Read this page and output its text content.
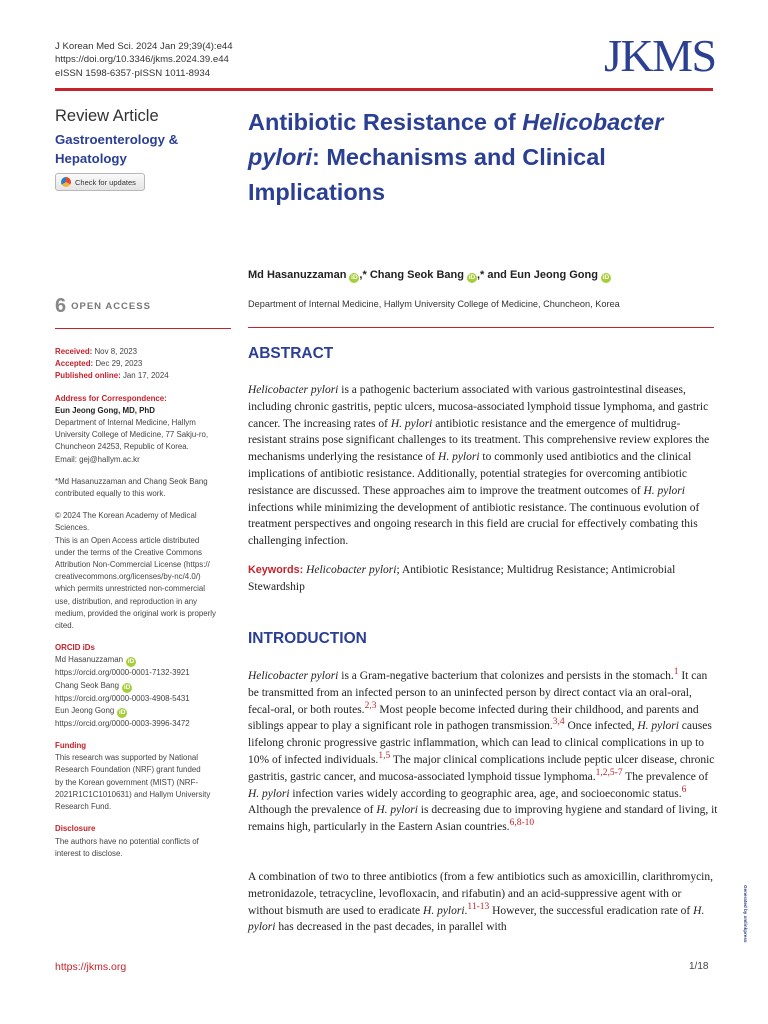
J Korean Med Sci. 2024 Jan 29;39(4):e44
https://doi.org/10.3346/jkms.2024.39.e44
eISSN 1598-6357·pISSN 1011-8934	JKMS
Review Article
Gastroenterology & Hepatology
Check for updates
Antibiotic Resistance of Helicobacter pylori: Mechanisms and Clinical Implications
Md Hasanuzzaman iD ,* Chang Seok Bang iD ,* and Eun Jeong Gong iD
Department of Internal Medicine, Hallym University College of Medicine, Chuncheon, Korea
6 OPEN ACCESS
Received: Nov 8, 2023
Accepted: Dec 29, 2023
Published online: Jan 17, 2024
Address for Correspondence:
Eun Jeong Gong, MD, PhD
Department of Internal Medicine, Hallym
University College of Medicine, 77 Sakju-ro,
Chuncheon 24253, Republic of Korea.
Email: gej@hallym.ac.kr
*Md Hasanuzzaman and Chang Seok Bang
contributed equally to this work.
© 2024 The Korean Academy of Medical
Sciences.
This is an Open Access article distributed
under the terms of the Creative Commons
Attribution Non-Commercial License (https://
creativecommons.org/licenses/by-nc/4.0/)
which permits unrestricted non-commercial
use, distribution, and reproduction in any
medium, provided the original work is properly
cited.
ORCID iDs
Md Hasanuzzaman iD
https://orcid.org/0000-0001-7132-3921
Chang Seok Bang iD
https://orcid.org/0000-0003-4908-5431
Eun Jeong Gong iD
https://orcid.org/0000-0003-3996-3472
Funding
This research was supported by National
Research Foundation (NRF) grant funded
by the Korean government (MIST) (NRF-
2021R1C1C1010631) and Hallym University
Research Fund.
Disclosure
The authors have no potential conflicts of
interest to disclose.
ABSTRACT
Helicobacter pylori is a pathogenic bacterium associated with various gastrointestinal diseases, including chronic gastritis, peptic ulcers, mucosa-associated lymphoid tissue lymphoma, and gastric cancer. The increasing rates of H. pylori antibiotic resistance and the emergence of multidrug-resistant strains pose significant challenges to its treatment. This comprehensive review explores the mechanisms underlying the resistance of H. pylori to commonly used antibiotics and the clinical implications of antibiotic resistance. Additionally, potential strategies for overcoming antibiotic resistance are discussed. These approaches aim to improve the treatment outcomes of H. pylori infections while minimizing the development of antibiotic resistance. The continuous evolution of treatment perspectives and ongoing research in this field are crucial for effectively combating this challenging infection.
Keywords: Helicobacter pylori; Antibiotic Resistance; Multidrug Resistance; Antimicrobial Stewardship
INTRODUCTION
Helicobacter pylori is a Gram-negative bacterium that colonizes and persists in the stomach.$^1$ It can be transmitted from an infected person to an uninfected person by direct contact via an oral-oral, fecal-oral, or both routes.$^{2,3}$ Most people become infected during their childhood, and parents and siblings appear to play a significant role in pathogen transmission.$^{3,4}$ Once infected, H. pylori causes lifelong chronic progressive gastric inflammation, which can lead to clinical complications in up to 10% of infected individuals.$^{1,5}$ The major clinical complications include peptic ulcer disease, chronic gastritis, gastric cancer, and mucosa-associated lymphoid tissue lymphoma.$^{1,2,5-7}$ The prevalence of H. pylori infection varies widely according to geographic area, age, and socioeconomic status.$^6$ Although the prevalence of H. pylori is decreasing due to improving hygiene and standard of living, it remains high, particularly in the Eastern Asian countries.$^{6,8-10}$
A combination of two to three antibiotics (from a few antibiotics such as amoxicillin, clarithromycin, metronidazole, tetracycline, levofloxacin, and rifabutin) and an acid-suppressive agent with or without bismuth are used to eradicate H. pylori.$^{11-13}$ However, the successful eradication rate of H. pylori has decreased in the past decades, in parallel with
https://jkms.org	1/18
Generated by xmlinkpress
